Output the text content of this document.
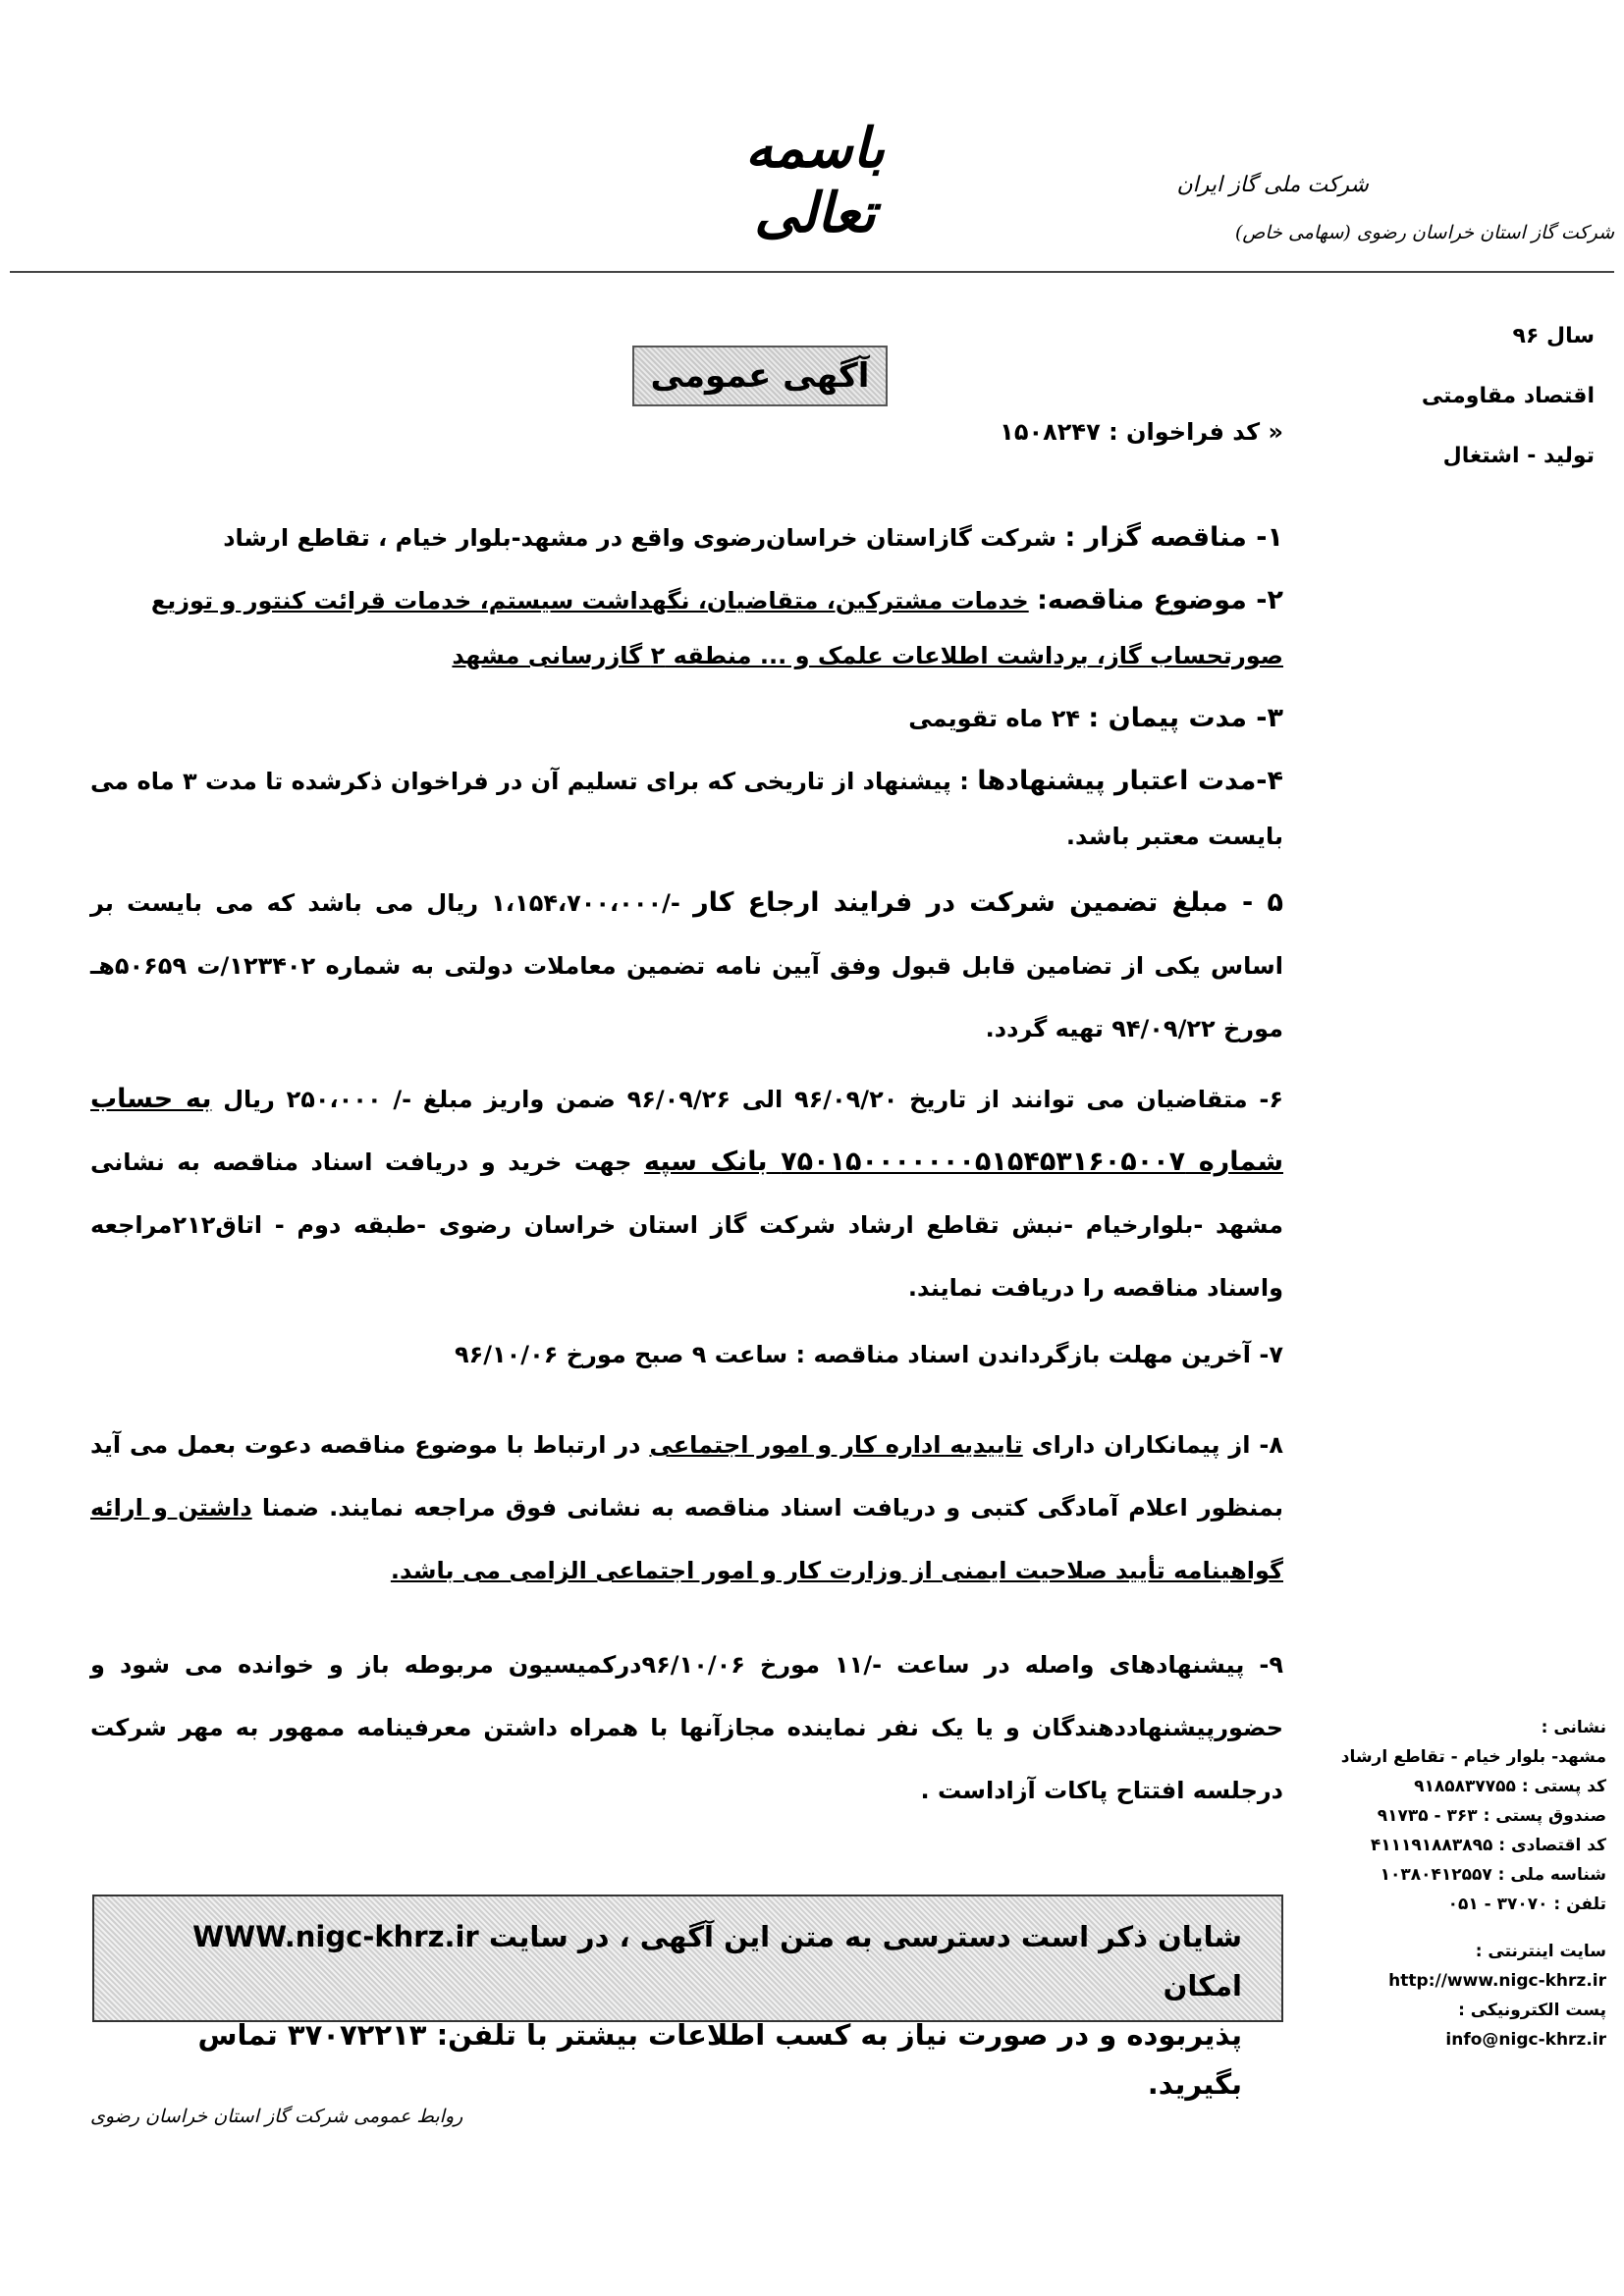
باسمه تعالی	شرکت ملی گاز ایران
شرکت گاز استان خراسان رضوی (سهامی خاص)
سال ۹۶
اقتصاد مقاومتی
تولید - اشتغال
آگهی عمومی
« کد فراخوان : ۱۵۰۸۲۴۷

۱- مناقصه گزار : شرکت گازاستان خراسان‌رضوی واقع در مشهد-بلوار خیام ، تقاطع ارشاد

۲- موضوع مناقصه: خدمات مشترکین، متقاضیان، نگهداشت سیستم، خدمات قرائت کنتور و توزیع
صورتحساب گاز، برداشت اطلاعات علمک و ... منطقه ۲ گازرسانی مشهد

۳- مدت پیمان : ۲۴ ماه تقویمی

۴-مدت اعتبار پیشنهادها : پیشنهاد از تاریخی که برای تسلیم آن در فراخوان ذکرشده تا مدت ۳ ماه می بایست معتبر باشد.

۵ - مبلغ تضمین شرکت در فرایند ارجاع کار -/۱،۱۵۴،۷۰۰،۰۰۰ ریال می باشد که می بایست بر اساس یکی از تضامین قابل قبول وفق آیین نامه تضمین معاملات دولتی به شماره ۱۲۳۴۰۲/ت ۵۰۶۵۹هـ مورخ ۹۴/۰۹/۲۲ تهیه گردد.

۶- متقاضیان می توانند از تاریخ ۹۶/۰۹/۲۰ الی ۹۶/۰۹/۲۶ ضمن واریز مبلغ -/ ۲۵۰،۰۰۰ ریال به حساب شماره ۷۵۰۱۵۰۰۰۰۰۰۰۵۱۵۴۵۳۱۶۰۵۰۰۷ بانک سپه جهت خرید و دریافت اسناد مناقصه به نشانی مشهد -بلوارخیام -نبش تقاطع ارشاد شرکت گاز استان خراسان رضوی -طبقه دوم - اتاق۲۱۲مراجعه واسناد مناقصه را دریافت نمایند.

۷- آخرین مهلت بازگرداندن اسناد مناقصه : ساعت ۹ صبح مورخ ۹۶/۱۰/۰۶

۸- از پیمانکاران دارای تاییدیه اداره کار و امور اجتماعی در ارتباط با موضوع مناقصه دعوت بعمل می آید بمنظور اعلام آمادگی کتبی و دریافت اسناد مناقصه به نشانی فوق مراجعه نمایند. ضمنا داشتن و ارائه گواهینامه تأیید صلاحیت ایمنی از وزارت کار و امور اجتماعی الزامی می باشد.

۹- پیشنهادهای واصله در ساعت -/۱۱ مورخ ۹۶/۱۰/۰۶درکمیسیون مربوطه باز و خوانده می شود و حضورپیشنهاددهندگان و یا یک نفر نماینده مجازآنها با همراه داشتن معرفینامه ممهور به مهر شرکت درجلسه افتتاح پاکات آزاداست .

شایان ذکر است دسترسی به متن این آگهی ، در سایت WWW.nigc-khrz.ir امکان
پذیربوده و در صورت نیاز به کسب اطلاعات بیشتر با تلفن: ۳۷۰۷۲۲۱۳ تماس بگیرید.
روابط عمومی شرکت گاز استان خراسان رضوی
نشانی :
مشهد- بلوار خیام - تقاطع ارشاد
کد پستی : ۹۱۸۵۸۳۷۷۵۵
صندوق پستی : ۳۶۳ - ۹۱۷۳۵
کد اقتصادی : ۴۱۱۱۹۱۸۸۳۸۹۵
شناسه ملی : ۱۰۳۸۰۴۱۲۵۵۷
تلفن : ۳۷۰۷۰ - ۰۵۱
سایت اینترنتی :
http://www.nigc-khrz.ir
پست الکترونیکی :
info@nigc-khrz.ir
